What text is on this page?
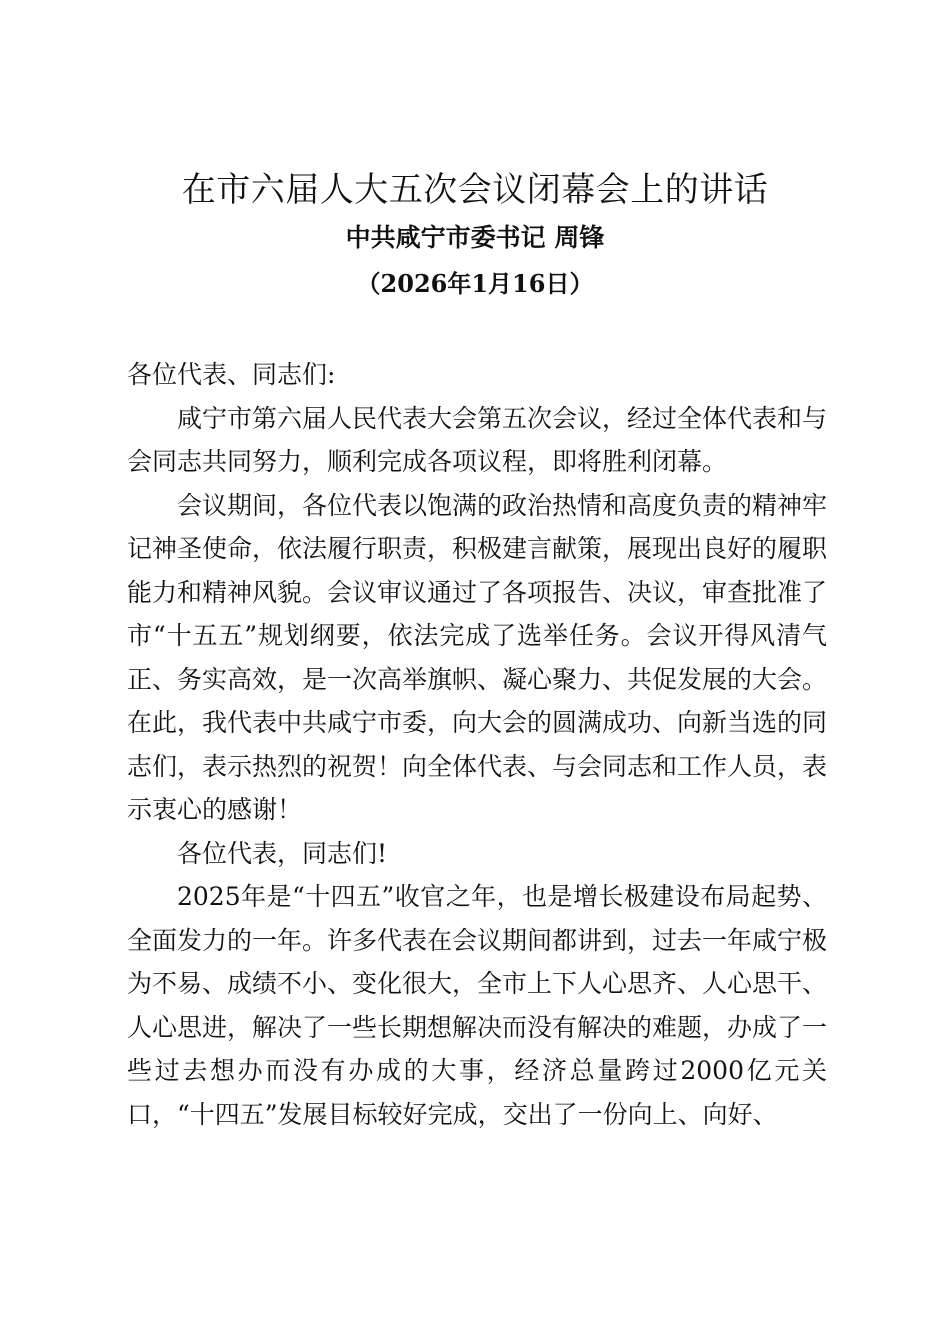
在市六届人大五次会议闭幕会上的讲话
中共咸宁市委书记 周锋
（2026年1月16日）

各位代表、同志们:

咸宁市第六届人民代表大会第五次会议，经过全体代表和与会同志共同努力，顺利完成各项议程，即将胜利闭幕。

会议期间，各位代表以饱满的政治热情和高度负责的精神牢记神圣使命，依法履行职责，积极建言献策，展现出良好的履职能力和精神风貌。会议审议通过了各项报告、决议，审查批准了市“十五五”规划纲要，依法完成了选举任务。会议开得风清气正、务实高效，是一次高举旗帜、凝心聚力、共促发展的大会。在此，我代表中共咸宁市委，向大会的圆满成功、向新当选的同志们，表示热烈的祝贺！向全体代表、与会同志和工作人员，表示衷心的感谢！

各位代表，同志们!

2025年是“十四五”收官之年，也是增长极建设布局起势、全面发力的一年。许多代表在会议期间都讲到，过去一年咸宁极为不易、成绩不小、变化很大，全市上下人心思齐、人心思干、人心思进，解决了一些长期想解决而没有解决的难题，办成了一些过去想办而没有办成的大事，经济总量跨过2000亿元关口，“十四五”发展目标较好完成，交出了一份向上、向好、
